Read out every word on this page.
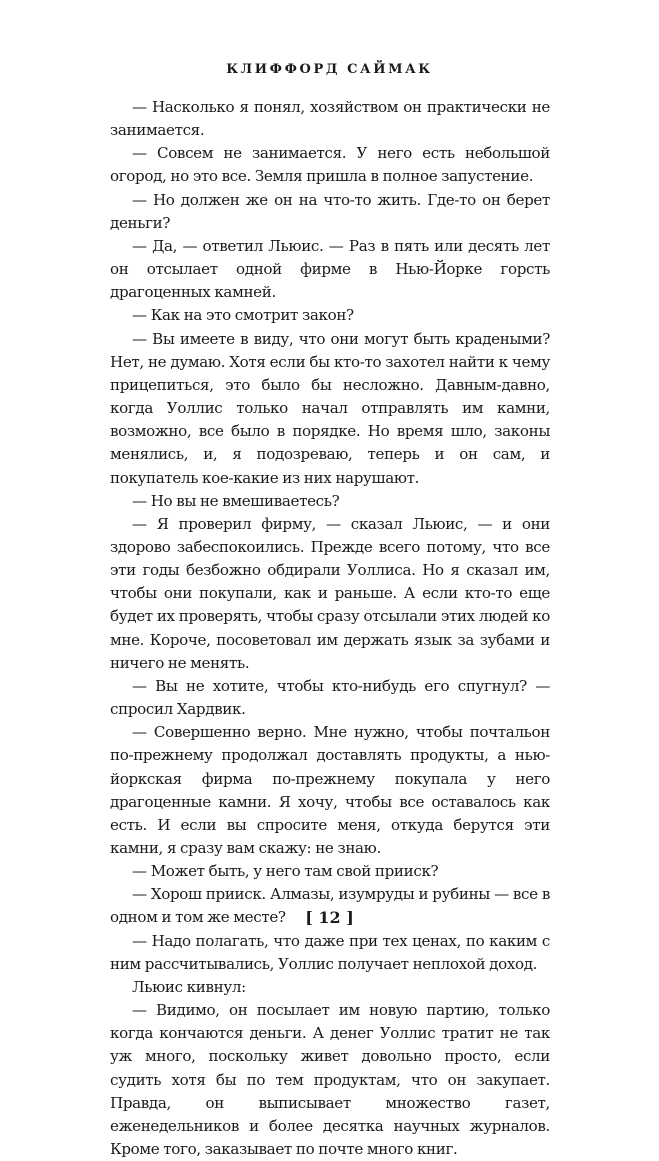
КЛИФФОРД САЙМАК

— Насколько я понял, хозяйством он практически не занимается.

— Совсем не занимается. У него есть небольшой огород, но это все. Земля пришла в полное запустение.

— Но должен же он на что-то жить. Где-то он берет деньги?

— Да, — ответил Льюис. — Раз в пять или десять лет он отсылает одной фирме в Нью-Йорке горсть драгоценных камней.

— Как на это смотрит закон?

— Вы имеете в виду, что они могут быть крадеными? Нет, не думаю. Хотя если бы кто-то захотел найти к чему прицепиться, это было бы несложно. Давным-давно, когда Уоллис только начал отправлять им камни, возможно, все было в порядке. Но время шло, законы менялись, и, я подозреваю, теперь и он сам, и покупатель кое-какие из них нарушают.

— Но вы не вмешиваетесь?

— Я проверил фирму, — сказал Льюис, — и они здорово забеспокоились. Прежде всего потому, что все эти годы безбожно обдирали Уоллиса. Но я сказал им, чтобы они покупали, как и раньше. А если кто-то еще будет их проверять, чтобы сразу отсылали этих людей ко мне. Короче, посоветовал им держать язык за зубами и ничего не менять.

— Вы не хотите, чтобы кто-нибудь его спугнул? — спросил Хардвик.

— Совершенно верно. Мне нужно, чтобы почтальон по-прежнему продолжал доставлять продукты, а нью-йоркская фирма по-прежнему покупала у него драгоценные камни. Я хочу, чтобы все оставалось как есть. И если вы спросите меня, откуда берутся эти камни, я сразу вам скажу: не знаю.

— Может быть, у него там свой прииск?

— Хорош прииск. Алмазы, изумруды и рубины — все в одном и том же месте?

— Надо полагать, что даже при тех ценах, по каким с ним рассчитывались, Уоллис получает неплохой доход.

Льюис кивнул:

— Видимо, он посылает им новую партию, только когда кончаются деньги. А денег Уоллис тратит не так уж много, поскольку живет довольно просто, если судить хотя бы по тем продуктам, что он закупает. Правда, он выписывает множество газет, еженедельников и более десятка научных журналов. Кроме того, заказывает по почте много книг.

[ 12 ]
